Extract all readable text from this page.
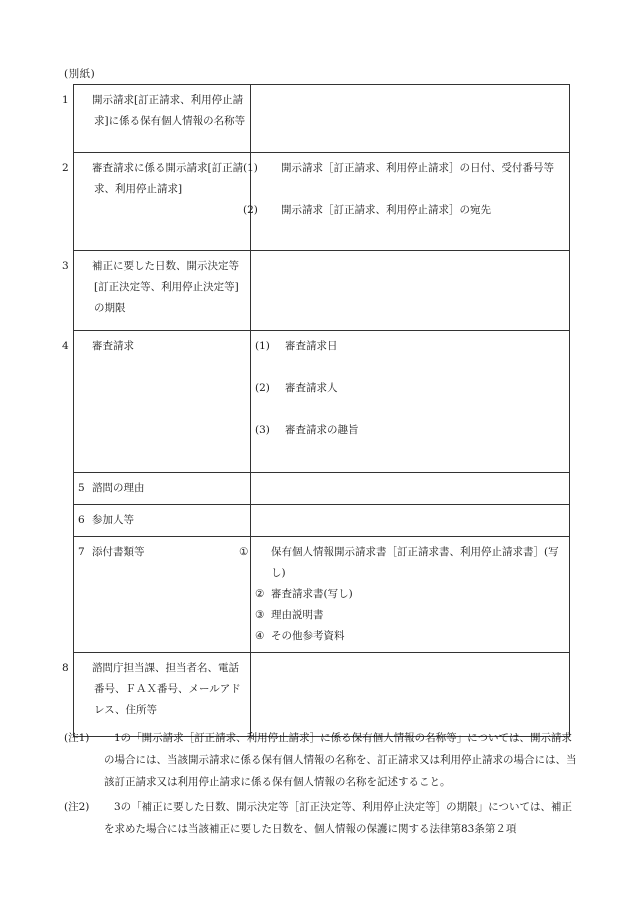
(別紙)
1 開示請求[訂正請求、利用停止請求]に係る保有個人情報の名称等	

2 審査請求に係る開示請求[訂正請求、利用停止請求]	(1) 開示請求［訂正請求、利用停止請求］の日付、受付番号等
(2) 開示請求［訂正請求、利用停止請求］の宛先

3 補正に要した日数、開示決定等[訂正決定等、利用停止決定等]の期限	

4 審査請求	(1) 審査請求日
(2) 審査請求人
(3) 審査請求の趣旨

5 諮問の理由	
6 参加人等	
7 添付書類等	① 保有個人情報開示請求書［訂正請求書、利用停止請求書］(写し)
② 審査請求書(写し)
③ 理由説明書
④ その他参考資料

8 諮問庁担当課、担当者名、電話番号、ＦＡＸ番号、メールアドレス、住所等	

(注1)	1の「開示請求［訂正請求、利用停止請求］に係る保有個人情報の名称等」については、開示請求の場合には、当該開示請求に係る保有個人情報の名称を、訂正請求又は利用停止請求の場合には、当該訂正請求又は利用停止請求に係る保有個人情報の名称を記述すること。
(注2)	3の「補正に要した日数、開示決定等［訂正決定等、利用停止決定等］の期限」については、補正を求めた場合には当該補正に要した日数を、個人情報の保護に関する法律第83条第２項
